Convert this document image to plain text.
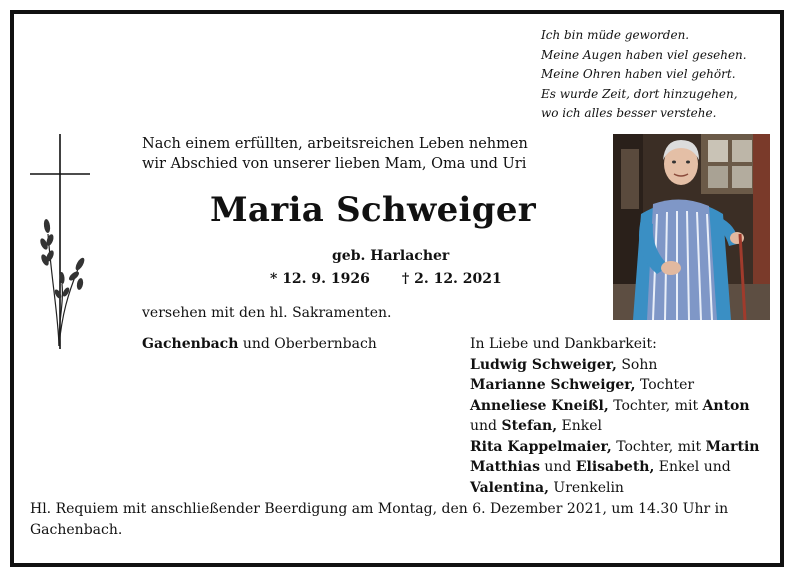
Ich bin müde geworden.
Meine Augen haben viel gesehen.
Meine Ohren haben viel gehört.
Es wurde Zeit, dort hinzugehen,
wo ich alles besser verstehe.
Nach einem erfüllten, arbeitsreichen Leben nehmen
wir Abschied von unserer lieben Mam, Oma und Uri
Maria Schweiger
geb. Harlacher
* 12. 9. 1926 † 2. 12. 2021
versehen mit den hl. Sakramenten.
Gachenbach und Oberbernbach	In Liebe und Dankbarkeit:
Ludwig Schweiger, Sohn
Marianne Schweiger, Tochter
Anneliese Kneißl, Tochter, mit Anton
und Stefan, Enkel
Rita Kappelmaier, Tochter, mit Martin
Matthias und Elisabeth, Enkel und
Valentina, Urenkelin
Hl. Requiem mit anschließender Beerdigung am Montag, den 6. Dezember 2021, um 14.30 Uhr in Gachenbach.
